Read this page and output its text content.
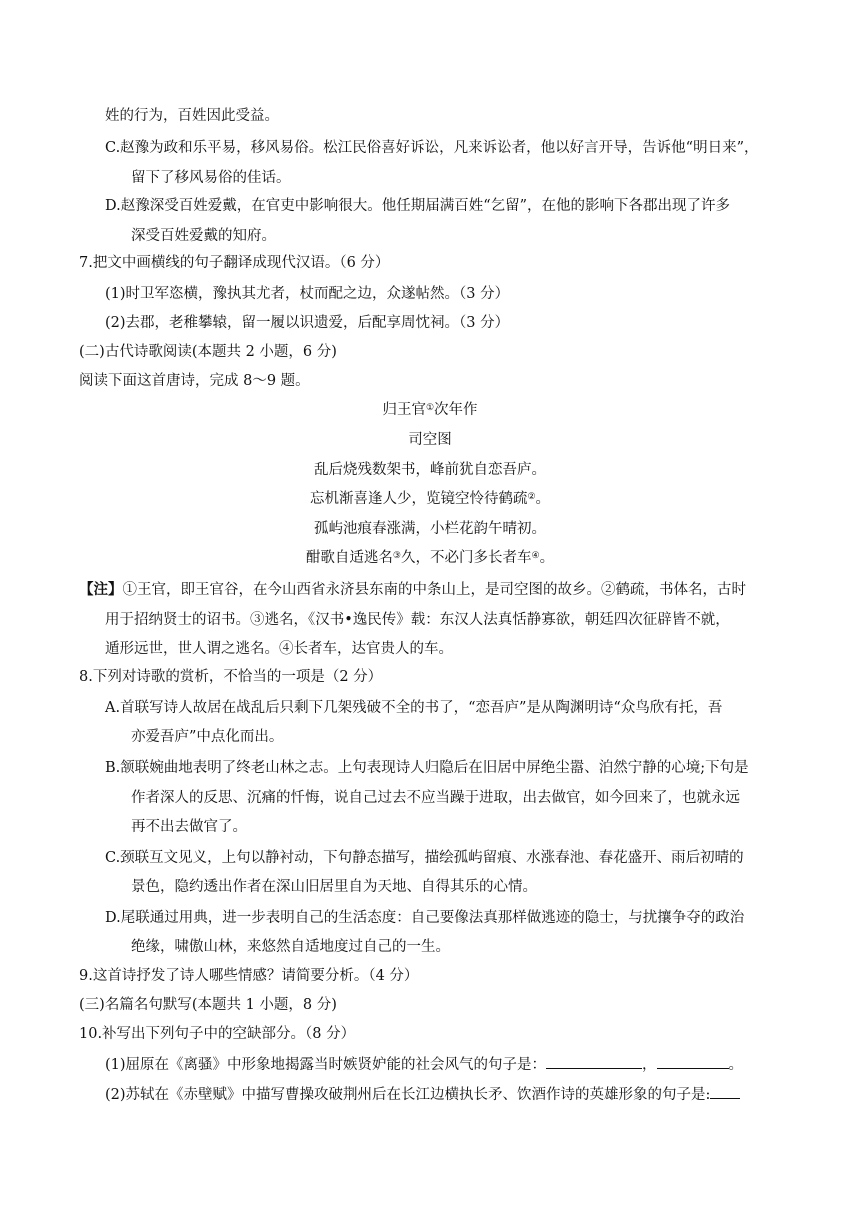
姓的行为，百姓因此受益。
C.赵豫为政和乐平易，移风易俗。松江民俗喜好诉讼，凡来诉讼者，他以好言开导，告诉他“明日来”，
留下了移风易俗的佳话。
D.赵豫深受百姓爱戴，在官吏中影响很大。他任期届满百姓“乞留”，在他的影响下各郡出现了许多
深受百姓爱戴的知府。
7.把文中画横线的句子翻译成现代汉语。（6 分）
(1)时卫军恣横，豫执其尤者，杖而配之边，众遂帖然。（3 分）
(2)去郡，老稚攀辕，留一履以识遗爱，后配享周忱祠。（3 分）
(二)古代诗歌阅读(本题共 2 小题，6 分)
阅读下面这首唐诗，完成 8～9 题。
归王官①次年作
司空图
乱后烧残数架书，峰前犹自恋吾庐。
忘机渐喜逢人少，览镜空怜待鹤疏②。
孤屿池痕春涨满，小栏花韵午晴初。
酣歌自适逃名③久，不必门多长者车④。
【注】①王官，即王官谷，在今山西省永济县东南的中条山上，是司空图的故乡。②鹤疏，书体名，古时
用于招纳贤士的诏书。③逃名，《汉书•逸民传》载：东汉人法真恬静寡欲，朝廷四次征辟皆不就，
遁形远世，世人谓之逃名。④长者车，达官贵人的车。
8.下列对诗歌的赏析，不恰当的一项是（2 分）
A.首联写诗人故居在战乱后只剩下几架残破不全的书了，“恋吾庐”是从陶渊明诗“众鸟欣有托，吾
亦爱吾庐”中点化而出。
B.颔联婉曲地表明了终老山林之志。上句表现诗人归隐后在旧居中屏绝尘嚣、泊然宁静的心境;下句是
作者深人的反思、沉痛的忏悔，说自己过去不应当躁于进取，出去做官，如今回来了，也就永远
再不出去做官了。
C.颈联互文见义，上句以静衬动，下句静态描写，描绘孤屿留痕、水涨春池、春花盛开、雨后初晴的
景色，隐约透出作者在深山旧居里自为天地、自得其乐的心情。
D.尾联通过用典，进一步表明自己的生活态度：自己要像法真那样做逃迹的隐士，与扰攘争夺的政治
绝缘，啸傲山林，来悠然自适地度过自己的一生。
9.这首诗抒发了诗人哪些情感？请简要分析。（4 分）
(三)名篇名句默写(本题共 1 小题，8 分)
10.补写出下列句子中的空缺部分。（8 分）
(1)屈原在《离骚》中形象地揭露当时嫉贤妒能的社会风气的句子是：	，	。
(2)苏轼在《赤壁赋》中描写曹操攻破荆州后在长江边横执长矛、饮酒作诗的英雄形象的句子是:
